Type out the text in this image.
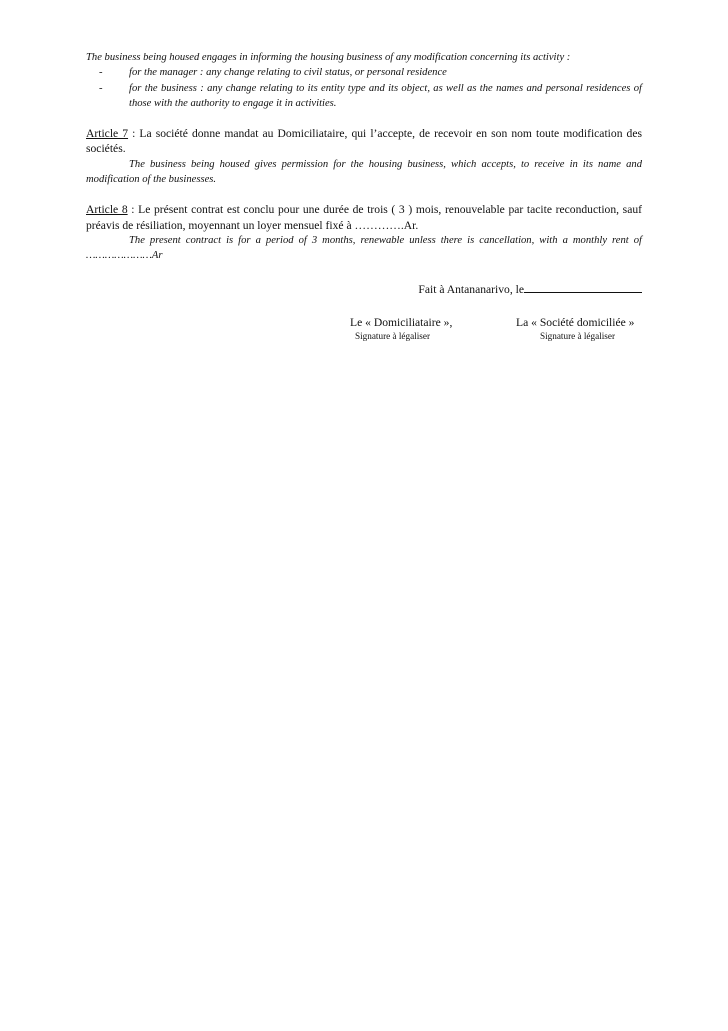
The business being housed engages in informing the housing business of any modification concerning its activity :

- for the manager : any change relating to civil status, or personal residence
- for the business : any change relating to its entity type and its object, as well as the names and personal residences of those with the authority to engage it in activities.

Article 7 : La société donne mandat au Domiciliataire, qui l’accepte, de recevoir en son nom toute modification des sociétés.

The business being housed gives permission for the housing business, which accepts, to receive in its name and modification of the businesses.

Article 8 : Le présent contrat est conclu pour une durée de trois ( 3 ) mois, renouvelable par tacite reconduction, sauf préavis de résiliation, moyennant un loyer mensuel fixé à ………….Ar.

The present contract is for a period of 3 months, renewable unless there is cancellation, with a monthly rent of …………………Ar

Fait à Antananarivo, le

Le « Domiciliataire »,
Signature à légaliser
La « Société domiciliée »
Signature à légaliser
